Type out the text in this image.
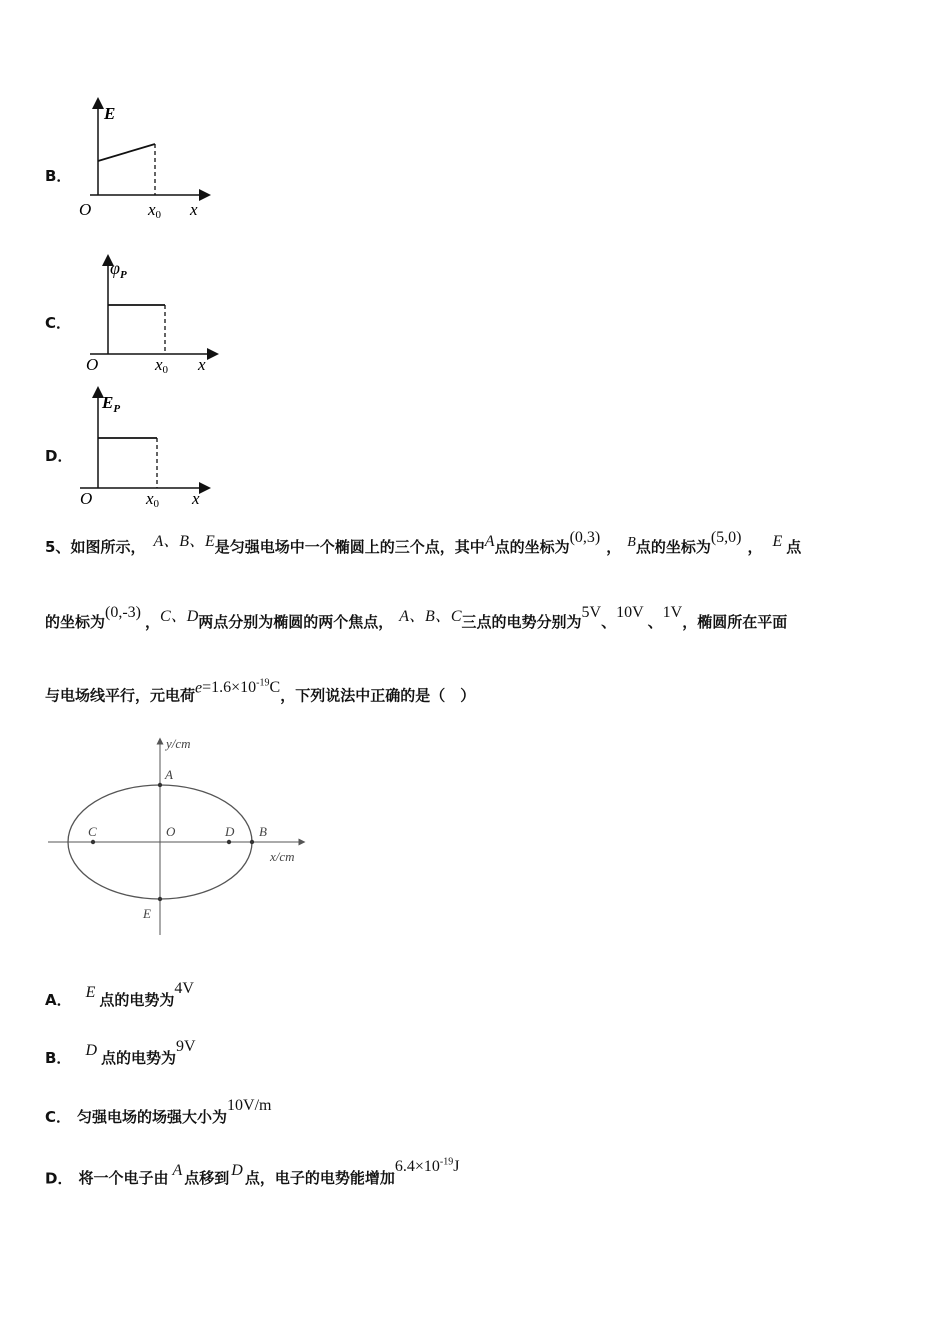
B．
E
O	x0 x
C．
$\varphi_P$
O	x0 x
D．
$E_P$
O	x0 x
5、如图所示， A、B、E是匀强电场中一个椭圆上的三个点，其中A点的坐标为(0,3)， B点的坐标为(5,0)， E 点
的坐标为(0,-3)，C、D两点分别为椭圆的两个焦点， A、B、C三点的电势分别为5V、10V、1V，椭圆所在平面
与电场线平行，元电荷$e=1.6\times 10^{-19}C$，下列说法中正确的是（　）
y/cm
x/cm
A
B
C	D
O
E
A． E 点的电势为4V
B． D 点的电势为9V
C． 匀强电场的场强大小为10V/m
D． 将一个电子由 A 点移到 D 点，电子的电势能增加$6.4\times 10^{-19}J$
